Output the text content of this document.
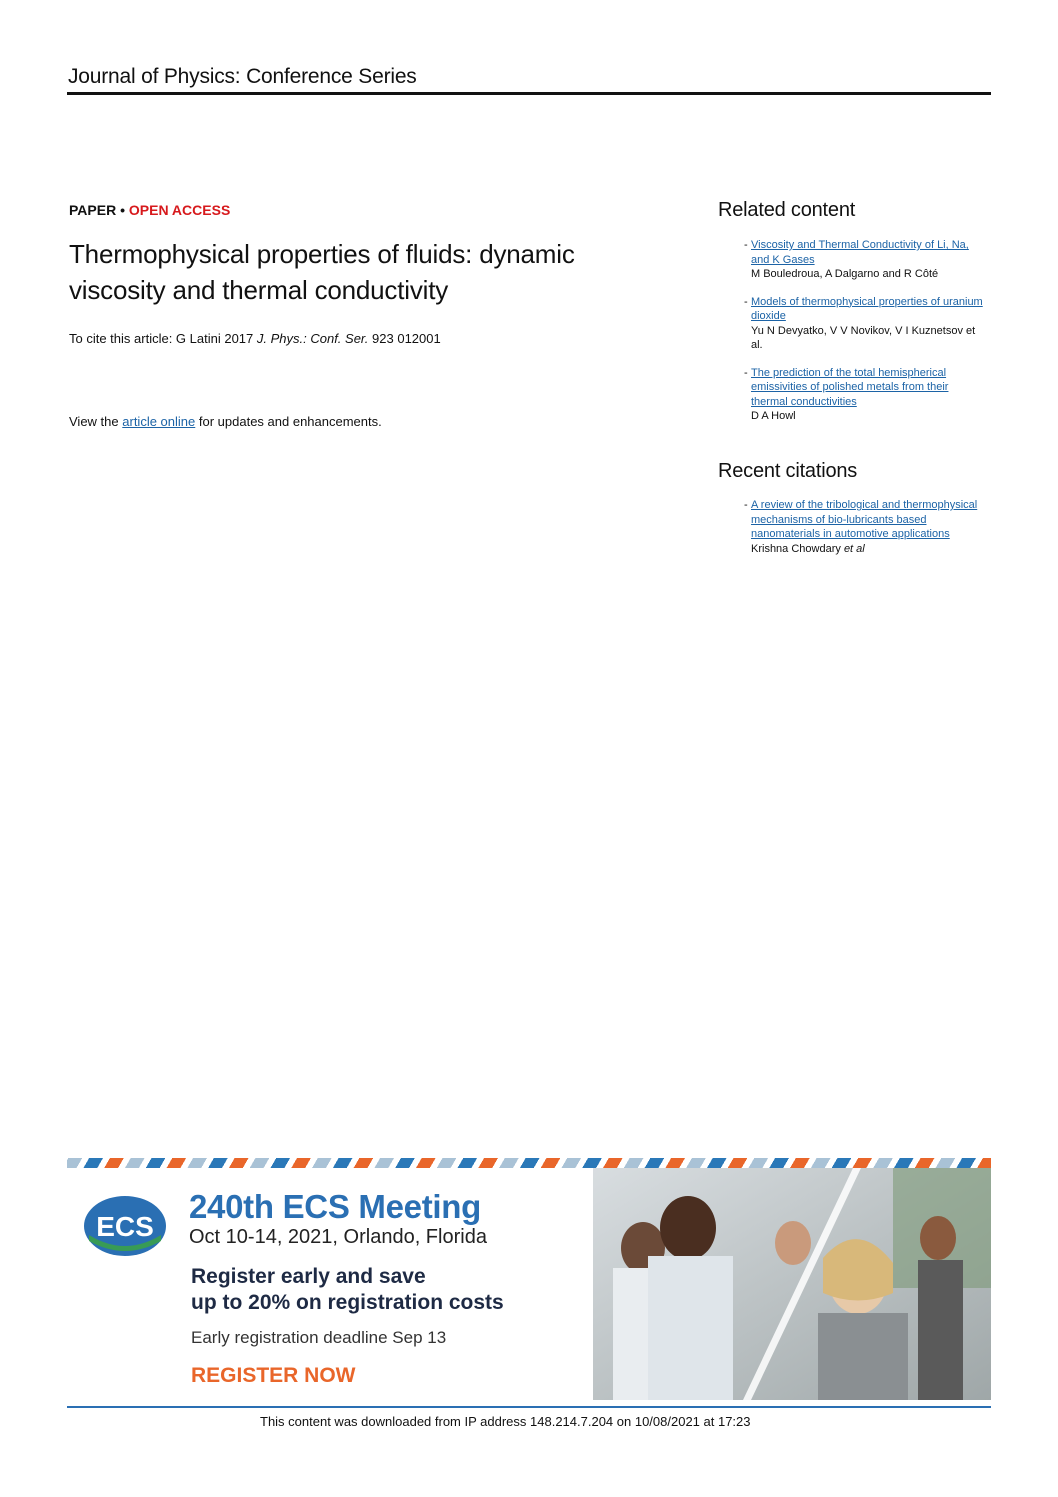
Journal of Physics: Conference Series
PAPER • OPEN ACCESS
Thermophysical properties of fluids: dynamic
viscosity and thermal conductivity
To cite this article: G Latini 2017 J. Phys.: Conf. Ser. 923 012001
View the article online for updates and enhancements.
Related content
- Viscosity and Thermal Conductivity of Li, Na, and K Gases
M Bouledroua, A Dalgarno and R Côté
- Models of thermophysical properties of uranium dioxide
Yu N Devyatko, V V Novikov, V I Kuznetsov et al.
- The prediction of the total hemispherical emissivities of polished metals from their thermal conductivities
D A Howl
Recent citations
- A review of the tribological and thermophysical mechanisms of bio-lubricants based nanomaterials in automotive applications
Krishna Chowdary et al
ECS
240th ECS Meeting
Oct 10-14, 2021, Orlando, Florida
Register early and save
up to 20% on registration costs
Early registration deadline Sep 13
REGISTER NOW
This content was downloaded from IP address 148.214.7.204 on 10/08/2021 at 17:23
